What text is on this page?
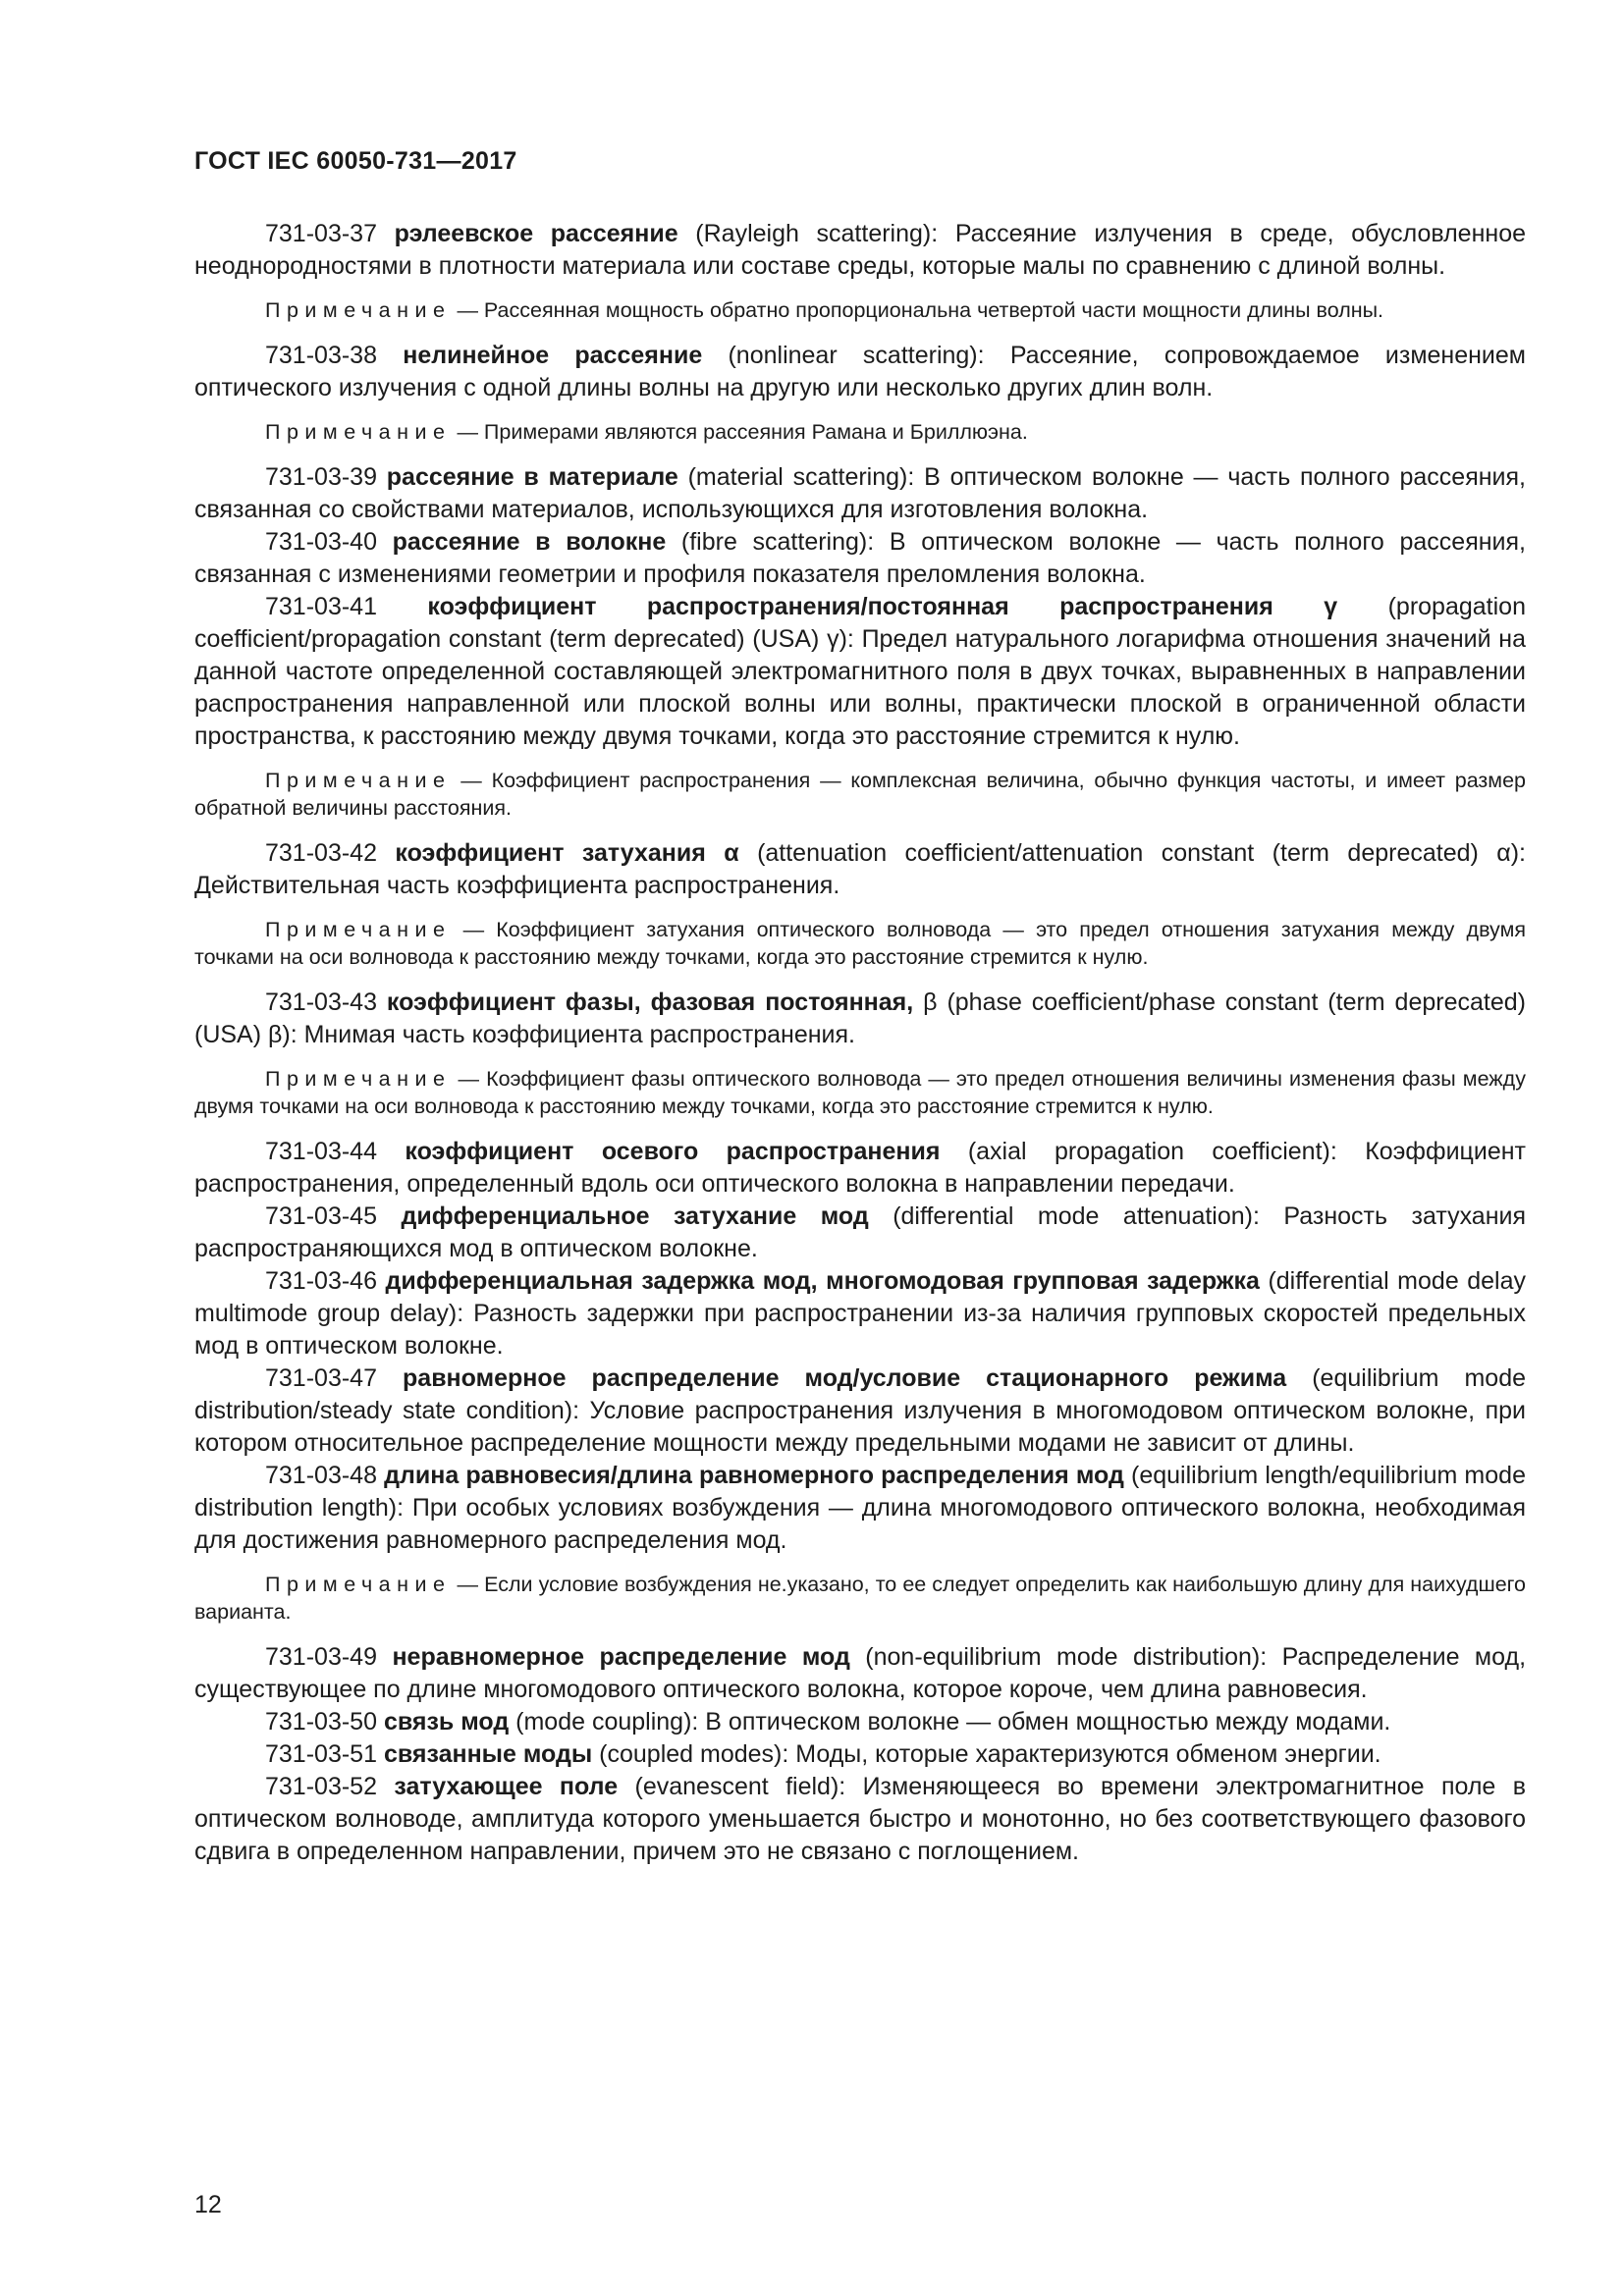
ГОСТ IEC 60050-731—2017

731-03-37 рэлеевское рассеяние (Rayleigh scattering): Рассеяние излучения в среде, обусловленное неоднородностями в плотности материала или составе среды, которые малы по сравнению с длиной волны.

Примечание — Рассеянная мощность обратно пропорциональна четвертой части мощности длины волны.

731-03-38 нелинейное рассеяние (nonlinear scattering): Рассеяние, сопровождаемое изменением оптического излучения с одной длины волны на другую или несколько других длин волн.

Примечание — Примерами являются рассеяния Рамана и Бриллюэна.

731-03-39 рассеяние в материале (material scattering): В оптическом волокне — часть полного рассеяния, связанная со свойствами материалов, использующихся для изготовления волокна.

731-03-40 рассеяние в волокне (fibre scattering): В оптическом волокне — часть полного рассеяния, связанная с изменениями геометрии и профиля показателя преломления волокна.

731-03-41 коэффициент распространения/постоянная распространения γ (propagation coefficient/propagation constant (term deprecated) (USA) γ): Предел натурального логарифма отношения значений на данной частоте определенной составляющей электромагнитного поля в двух точках, выравненных в направлении распространения направленной или плоской волны или волны, практически плоской в ограниченной области пространства, к расстоянию между двумя точками, когда это расстояние стремится к нулю.

Примечание — Коэффициент распространения — комплексная величина, обычно функция частоты, и имеет размер обратной величины расстояния.

731-03-42 коэффициент затухания α (attenuation coefficient/attenuation constant (term deprecated) α): Действительная часть коэффициента распространения.

Примечание — Коэффициент затухания оптического волновода — это предел отношения затухания между двумя точками на оси волновода к расстоянию между точками, когда это расстояние стремится к нулю.

731-03-43 коэффициент фазы, фазовая постоянная, β (phase coefficient/phase constant (term deprecated) (USA) β): Мнимая часть коэффициента распространения.

Примечание — Коэффициент фазы оптического волновода — это предел отношения величины изменения фазы между двумя точками на оси волновода к расстоянию между точками, когда это расстояние стремится к нулю.

731-03-44 коэффициент осевого распространения (axial propagation coefficient): Коэффициент распространения, определенный вдоль оси оптического волокна в направлении передачи.

731-03-45 дифференциальное затухание мод (differential mode attenuation): Разность затухания распространяющихся мод в оптическом волокне.

731-03-46 дифференциальная задержка мод, многомодовая групповая задержка (differential mode delay multimode group delay): Разность задержки при распространении из-за наличия групповых скоростей предельных мод в оптическом волокне.

731-03-47 равномерное распределение мод/условие стационарного режима (equilibrium mode distribution/steady state condition): Условие распространения излучения в многомодовом оптическом волокне, при котором относительное распределение мощности между предельными модами не зависит от длины.

731-03-48 длина равновесия/длина равномерного распределения мод (equilibrium length/equilibrium mode distribution length): При особых условиях возбуждения — длина многомодового оптического волокна, необходимая для достижения равномерного распределения мод.

Примечание — Если условие возбуждения не.указано, то ее следует определить как наибольшую длину для наихудшего варианта.

731-03-49 неравномерное распределение мод (non-equilibrium mode distribution): Распределение мод, существующее по длине многомодового оптического волокна, которое короче, чем длина равновесия.

731-03-50 связь мод (mode coupling): В оптическом волокне — обмен мощностью между модами.

731-03-51 связанные моды (coupled modes): Моды, которые характеризуются обменом энергии.

731-03-52 затухающее поле (evanescent field): Изменяющееся во времени электромагнитное поле в оптическом волноводе, амплитуда которого уменьшается быстро и монотонно, но без соответствующего фазового сдвига в определенном направлении, причем это не связано с поглощением.

12
